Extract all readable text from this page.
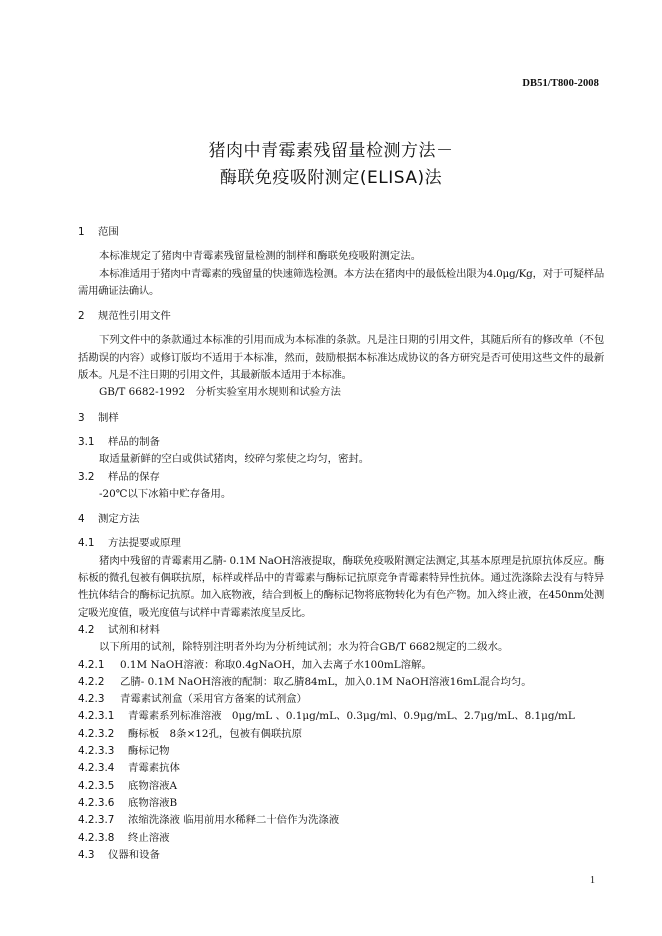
DB51/T800-2008
猪肉中青霉素残留量检测方法－
酶联免疫吸附测定(ELISA)法
1 范围
本标准规定了猪肉中青霉素残留量检测的制样和酶联免疫吸附测定法。
本标准适用于猪肉中青霉素的残留量的快速筛选检测。本方法在猪肉中的最低检出限为4.0μg/Kg，对于可疑样品需用确证法确认。
2 规范性引用文件
下列文件中的条款通过本标准的引用而成为本标准的条款。凡是注日期的引用文件，其随后所有的修改单（不包括勘误的内容）或修订版均不适用于本标准，然而，鼓励根据本标准达成协议的各方研究是否可使用这些文件的最新版本。凡是不注日期的引用文件，其最新版本适用于本标准。
GB/T 6682-1992　分析实验室用水规则和试验方法
3 制样
3.1 样品的制备
取适量新鲜的空白或供试猪肉，绞碎匀浆使之均匀，密封。
3.2 样品的保存
-20℃以下冰箱中贮存备用。
4 测定方法
4.1 方法提要或原理
猪肉中残留的青霉素用乙腈- 0.1M NaOH溶液提取，酶联免疫吸附测定法测定,其基本原理是抗原抗体反应。酶标板的微孔包被有偶联抗原，标样或样品中的青霉素与酶标记抗原竞争青霉素特异性抗体。通过洗涤除去没有与特异性抗体结合的酶标记抗原。加入底物液，结合到板上的酶标记物将底物转化为有色产物。加入终止液，在450nm处测定吸光度值，吸光度值与试样中青霉素浓度呈反比。
4.2 试剂和材料
以下所用的试剂，除特别注明者外均为分析纯试剂；水为符合GB/T 6682规定的二级水。
4.2.1 0.1M NaOH溶液：称取0.4gNaOH，加入去离子水100mL溶解。
4.2.2 乙腈- 0.1M NaOH溶液的配制：取乙腈84mL，加入0.1M NaOH溶液16mL混合均匀。
4.2.3 青霉素试剂盒（采用官方备案的试剂盒）
4.2.3.1 青霉素系列标准溶液　0μg/mL 、0.1μg/mL、0.3μg/ml、0.9μg/mL、2.7μg/mL、8.1μg/mL
4.2.3.2 酶标板　8条×12孔，包被有偶联抗原
4.2.3.3 酶标记物
4.2.3.4 青霉素抗体
4.2.3.5 底物溶液A
4.2.3.6 底物溶液B
4.2.3.7 浓缩洗涤液 临用前用水稀释二十倍作为洗涤液
4.2.3.8 终止溶液
4.3 仪器和设备
1
